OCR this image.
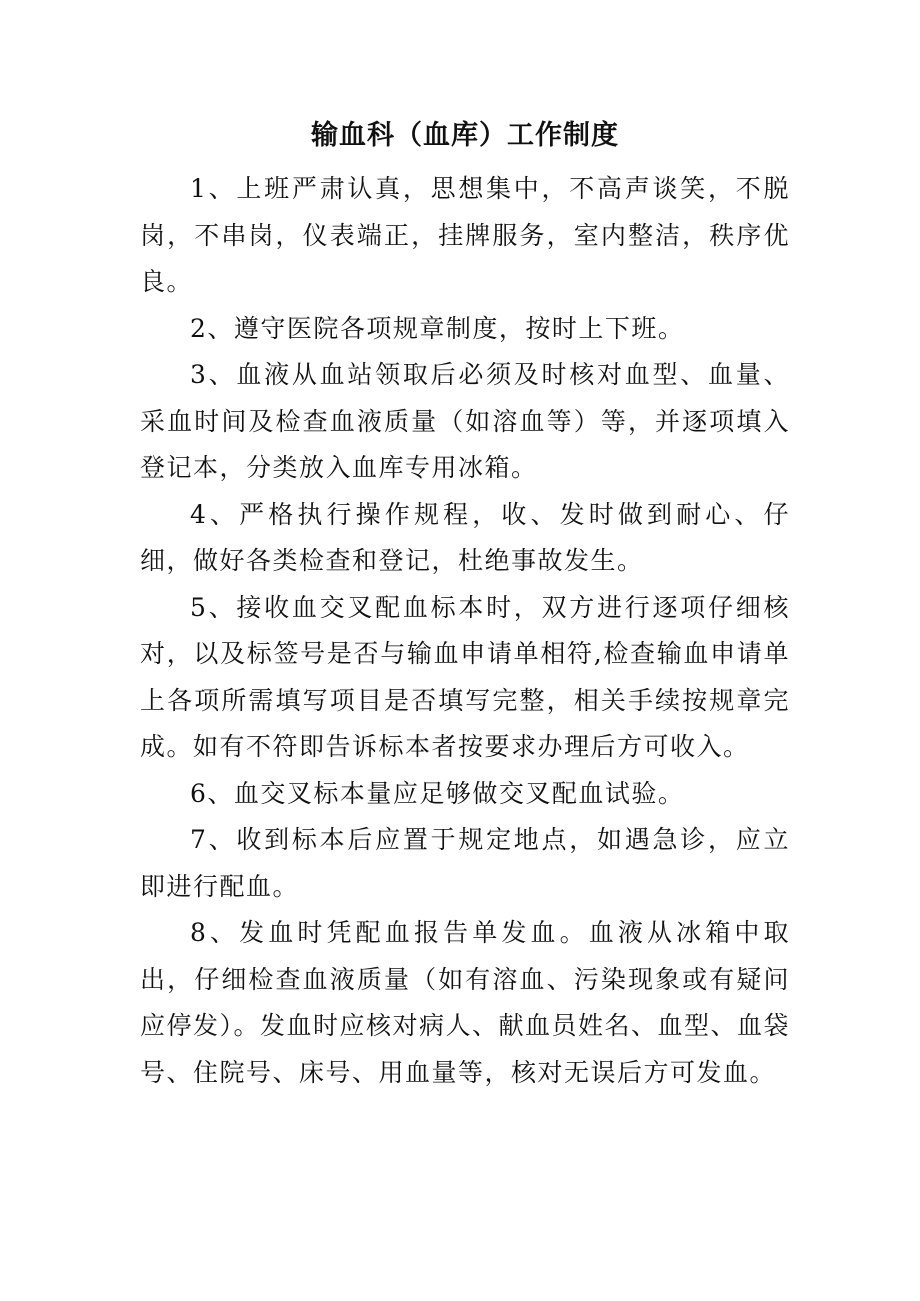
输血科（血库）工作制度

1、上班严肃认真，思想集中，不高声谈笑，不脱岗，不串岗，仪表端正，挂牌服务，室内整洁，秩序优良。

2、遵守医院各项规章制度，按时上下班。

3、血液从血站领取后必须及时核对血型、血量、采血时间及检查血液质量（如溶血等）等，并逐项填入登记本，分类放入血库专用冰箱。

4、严格执行操作规程，收、发时做到耐心、仔细，做好各类检查和登记，杜绝事故发生。

5、接收血交叉配血标本时，双方进行逐项仔细核对，以及标签号是否与输血申请单相符,检查输血申请单上各项所需填写项目是否填写完整，相关手续按规章完成。如有不符即告诉标本者按要求办理后方可收入。

6、血交叉标本量应足够做交叉配血试验。

7、收到标本后应置于规定地点，如遇急诊，应立即进行配血。

8、发血时凭配血报告单发血。血液从冰箱中取出，仔细检查血液质量（如有溶血、污染现象或有疑问应停发）。发血时应核对病人、献血员姓名、血型、血袋号、住院号、床号、用血量等，核对无误后方可发血。
